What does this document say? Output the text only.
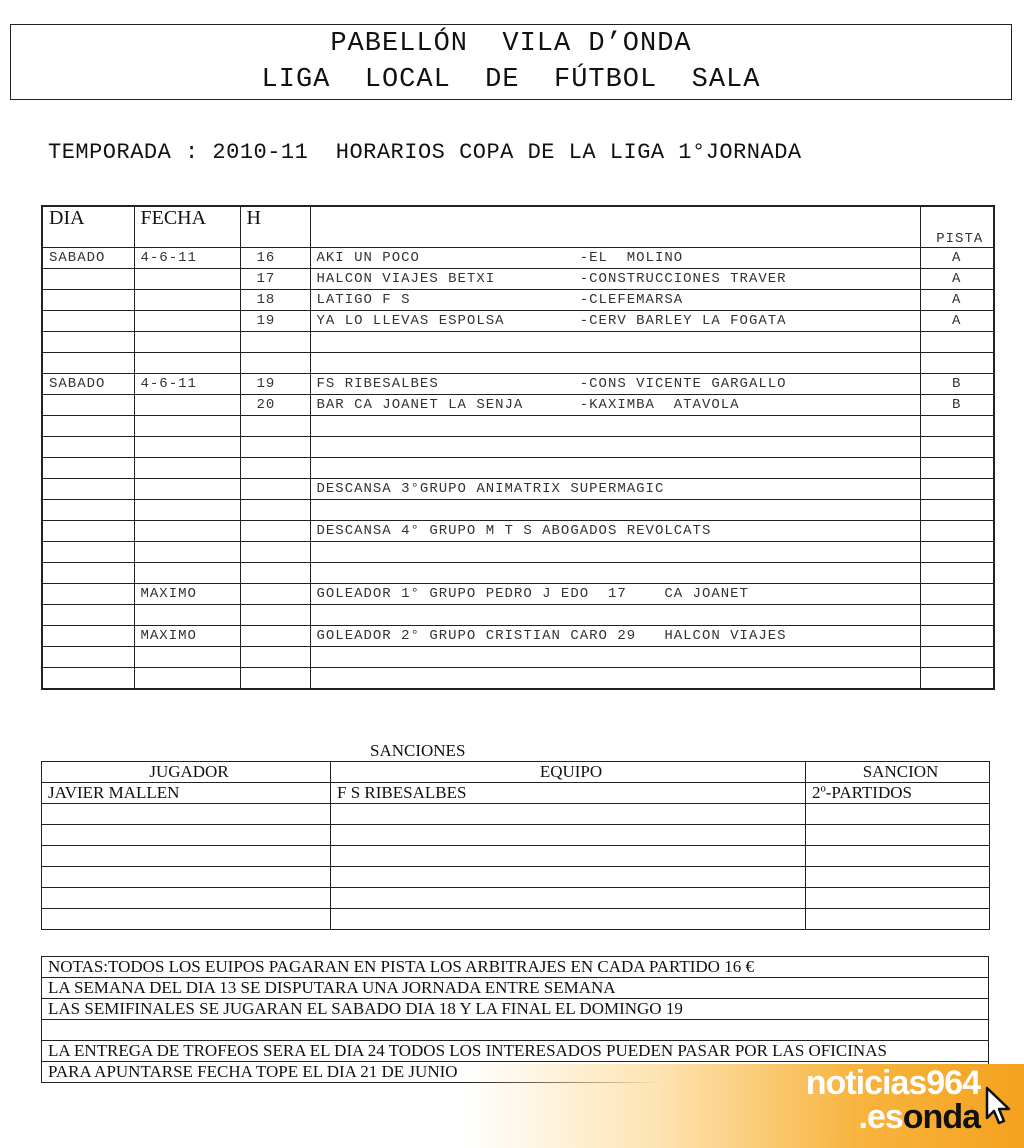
PABELLÓN  VILA D’ONDA
LIGA  LOCAL  DE  FÚTBOL  SALA
TEMPORADA : 2010-11  HORARIOS COPA DE LA LIGA 1°JORNADA
DIA	FECHA	H		PISTA
SABADO	4-6-11	16	AKI UN POCO                 -EL  MOLINO	A
		17	HALCON VIAJES BETXI         -CONSTRUCCIONES TRAVER	A
		18	LATIGO F S                  -CLEFEMARSA	A
		19	YA LO LLEVAS ESPOLSA        -CERV BARLEY LA FOGATA	A

SABADO	4-6-11	19	FS RIBESALBES               -CONS VICENTE GARGALLO	B
		20	BAR CA JOANET LA SENJA      -KAXIMBA  ATAVOLA	B

			DESCANSA 3°GRUPO ANIMATRIX SUPERMAGIC	

			DESCANSA 4° GRUPO M T S ABOGADOS REVOLCATS	

	MAXIMO		GOLEADOR 1° GRUPO PEDRO J EDO  17    CA JOANET	

	MAXIMO		GOLEADOR 2° GRUPO CRISTIAN CARO 29   HALCON VIAJES	

SANCIONES
JUGADOR	EQUIPO	SANCION
JAVIER MALLEN	F S RIBESALBES	2º-PARTIDOS

NOTAS:TODOS LOS EUIPOS PAGARAN EN PISTA LOS ARBITRAJES EN CADA PARTIDO 16 €
LA SEMANA DEL DIA 13 SE DISPUTARA UNA JORNADA ENTRE SEMANA
LAS SEMIFINALES SE JUGARAN EL SABADO DIA 18 Y LA FINAL EL DOMINGO 19

LA ENTREGA DE TROFEOS SERA EL DIA 24 TODOS LOS INTERESADOS PUEDEN PASAR POR LAS OFICINAS
PARA APUNTARSE FECHA TOPE EL DIA 21 DE JUNIO	noticias964
.esonda
